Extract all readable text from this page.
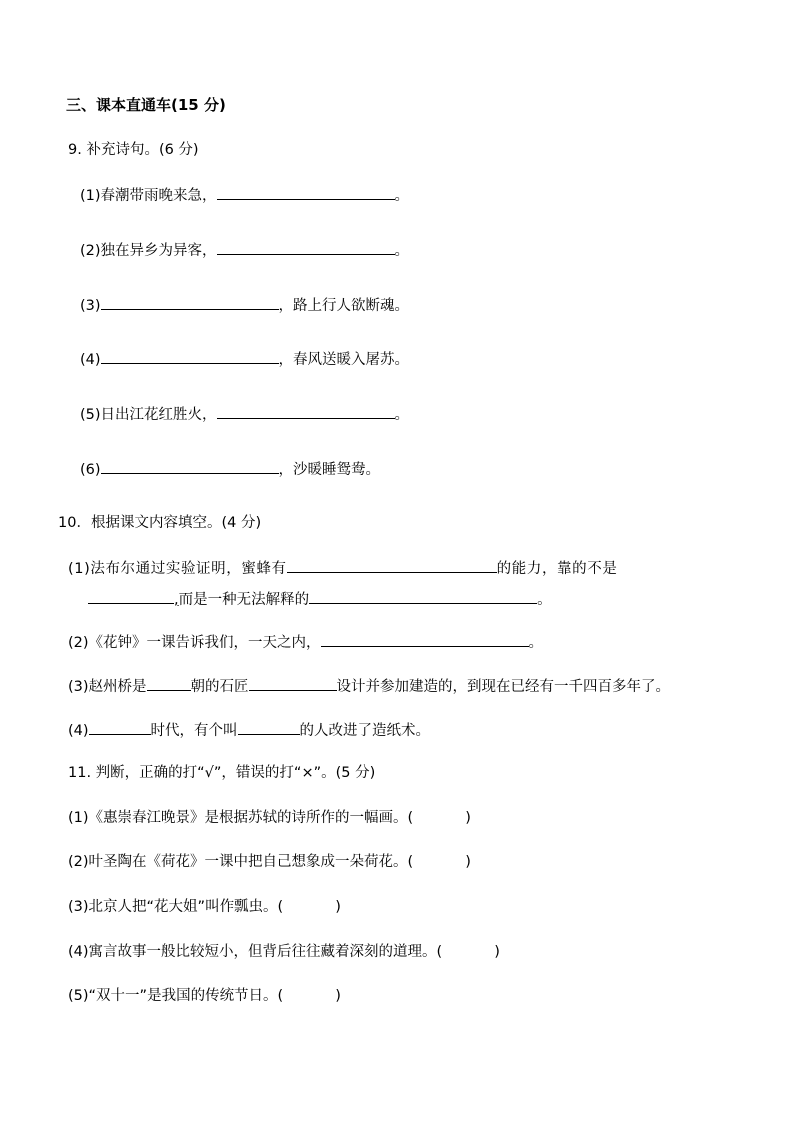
三、课本直通车(15 分)
9. 补充诗句。(6 分)
(1)春潮带雨晚来急，	。
(2)独在异乡为异客，	。
(3)	，路上行人欲断魂。
(4)	，春风送暖入屠苏。
(5)日出江花红胜火，	。
(6)	，沙暖睡鸳鸯。
10．根据课文内容填空。(4 分)
(1)法布尔通过实验证明，蜜蜂有	的能力，靠的不是
,而是一种无法解释的	。
(2)《花钟》一课告诉我们，一天之内，	。
(3)赵州桥是	朝的石匠	设计并参加建造的，到现在已经有一千四百多年了。
(4)	时代，有个叫	的人改进了造纸术。
11. 判断，正确的打“√”，错误的打“×”。(5 分)
(1)《惠崇春江晚景》是根据苏轼的诗所作的一幅画。(	)
(2)叶圣陶在《荷花》一课中把自己想象成一朵荷花。(	)
(3)北京人把“花大姐”叫作瓢虫。(	)
(4)寓言故事一般比较短小，但背后往往藏着深刻的道理。(	)
(5)“双十一”是我国的传统节日。(	)
